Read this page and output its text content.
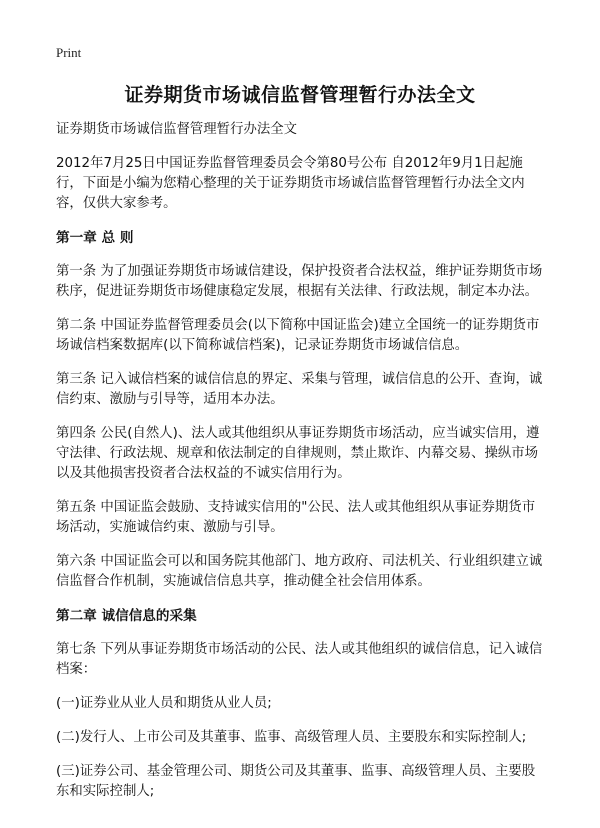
Print
证券期货市场诚信监督管理暂行办法全文

证券期货市场诚信监督管理暂行办法全文

2012年7月25日中国证券监督管理委员会令第80号公布 自2012年9月1日起施行，下面是小编为您精心整理的关于证券期货市场诚信监督管理暂行办法全文内容，仅供大家参考。

第一章 总 则

第一条 为了加强证券期货市场诚信建设，保护投资者合法权益，维护证券期货市场秩序，促进证券期货市场健康稳定发展，根据有关法律、行政法规，制定本办法。

第二条 中国证券监督管理委员会(以下简称中国证监会)建立全国统一的证券期货市场诚信档案数据库(以下简称诚信档案)，记录证券期货市场诚信信息。

第三条 记入诚信档案的诚信信息的界定、采集与管理，诚信信息的公开、查询，诚信约束、激励与引导等，适用本办法。

第四条 公民(自然人)、法人或其他组织从事证券期货市场活动，应当诚实信用，遵守法律、行政法规、规章和依法制定的自律规则，禁止欺诈、内幕交易、操纵市场以及其他损害投资者合法权益的不诚实信用行为。

第五条 中国证监会鼓励、支持诚实信用的"公民、法人或其他组织从事证券期货市场活动，实施诚信约束、激励与引导。

第六条 中国证监会可以和国务院其他部门、地方政府、司法机关、行业组织建立诚信监督合作机制，实施诚信信息共享，推动健全社会信用体系。

第二章 诚信信息的采集

第七条 下列从事证券期货市场活动的公民、法人或其他组织的诚信信息，记入诚信档案：

(一)证券业从业人员和期货从业人员;

(二)发行人、上市公司及其董事、监事、高级管理人员、主要股东和实际控制人;

(三)证券公司、基金管理公司、期货公司及其董事、监事、高级管理人员、主要股东和实际控制人;
